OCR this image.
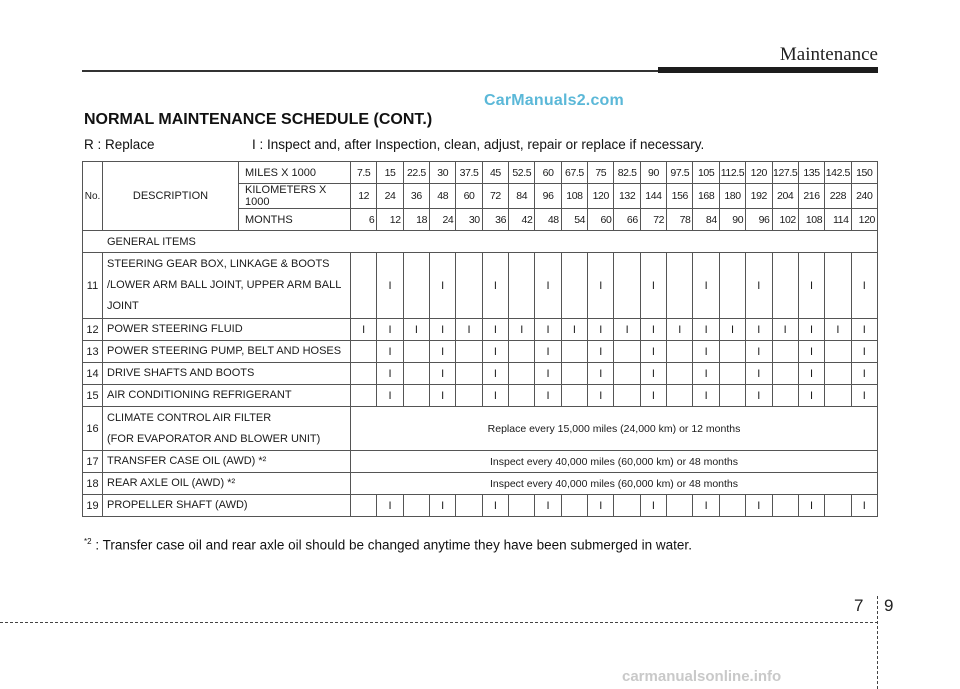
Maintenance
CarManuals2.com
NORMAL MAINTENANCE SCHEDULE (CONT.)
R : Replace	I : Inspect and, after Inspection, clean, adjust, repair or replace if necessary.
No.	DESCRIPTION	MILES X 1000	7.5	15	22.5	30	37.5	45	52.5	60	67.5	75	82.5	90	97.5	105	112.5	120	127.5	135	142.5	150
		KILOMETERS X 1000	12	24	36	48	60	72	84	96	108	120	132	144	156	168	180	192	204	216	228	240
		MONTHS	6	12	18	24	30	36	42	48	54	60	66	72	78	84	90	96	102	108	114	120
GENERAL ITEMS																						
11	STEERING GEAR BOX, LINKAGE & BOOTS
/LOWER ARM BALL JOINT, UPPER ARM BALL
JOINT			I		I		I		I		I		I		I		I		I		I
12	POWER STEERING FLUID		I	I	I	I	I	I	I	I	I	I	I	I	I	I	I	I	I	I	I	I
13	POWER STEERING PUMP, BELT AND HOSES			I		I		I		I		I		I		I		I		I		I
14	DRIVE SHAFTS AND BOOTS			I		I		I		I		I		I		I		I		I		I
15	AIR CONDITIONING REFRIGERANT			I		I		I		I		I		I		I		I		I		I
16	CLIMATE CONTROL AIR FILTER
(FOR EVAPORATOR AND BLOWER UNIT)		Replace every 15,000 miles (24,000 km) or 12 months																			
17	TRANSFER CASE OIL (AWD) *²		Inspect every 40,000 miles (60,000 km) or 48 months																			
18	REAR AXLE OIL (AWD) *²		Inspect every 40,000 miles (60,000 km) or 48 months																			
19	PROPELLER SHAFT (AWD)			I		I		I		I		I		I		I		I		I		I
$^{*2}$ : Transfer case oil and rear axle oil should be changed anytime they have been submerged in water.
7 9
carmanualsonline.info
